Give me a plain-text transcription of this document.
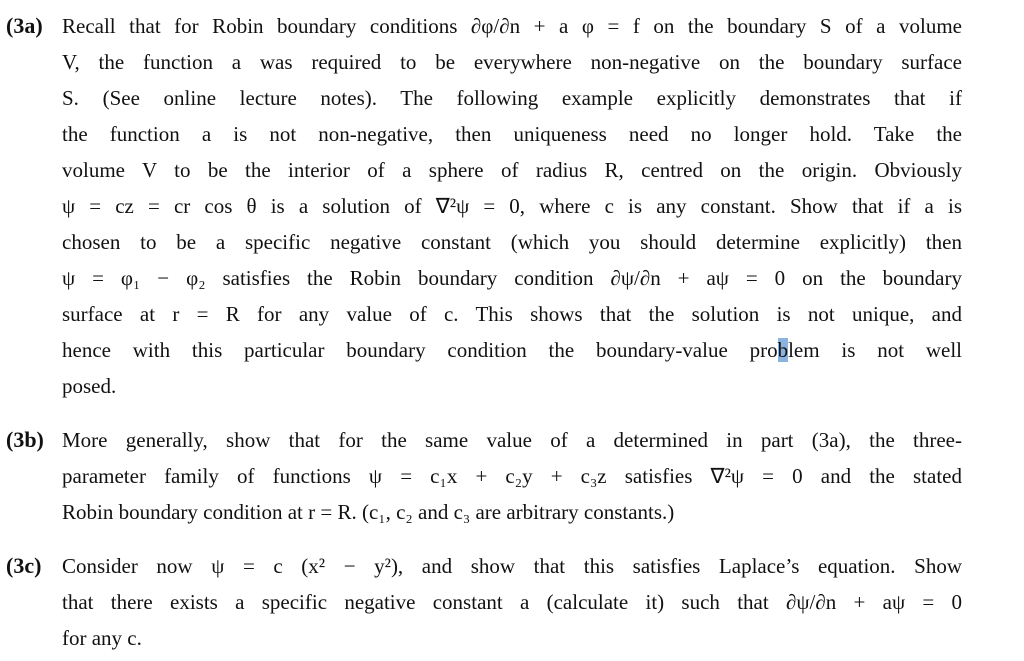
(3a) Recall that for Robin boundary conditions ∂φ/∂n + a φ = f on the boundary S of a volume
V, the function a was required to be everywhere non-negative on the boundary surface
S. (See online lecture notes). The following example explicitly demonstrates that if
the function a is not non-negative, then uniqueness need no longer hold. Take the
volume V to be the interior of a sphere of radius R, centred on the origin. Obviously
ψ = cz = cr cos θ is a solution of ∇²ψ = 0, where c is any constant. Show that if a is
chosen to be a specific negative constant (which you should determine explicitly) then
ψ = φ₁ − φ₂ satisfies the Robin boundary condition ∂ψ/∂n + aψ = 0 on the boundary
surface at r = R for any value of c. This shows that the solution is not unique, and
hence with this particular boundary condition the boundary-value problem is not well
posed.
(3b) More generally, show that for the same value of a determined in part (3a), the three-
parameter family of functions ψ = c₁x + c₂y + c₃z satisfies ∇²ψ = 0 and the stated
Robin boundary condition at r = R. (c₁, c₂ and c₃ are arbitrary constants.)
(3c) Consider now ψ = c (x² − y²), and show that this satisfies Laplace’s equation. Show
that there exists a specific negative constant a (calculate it) such that ∂ψ/∂n + aψ = 0
for any c.
